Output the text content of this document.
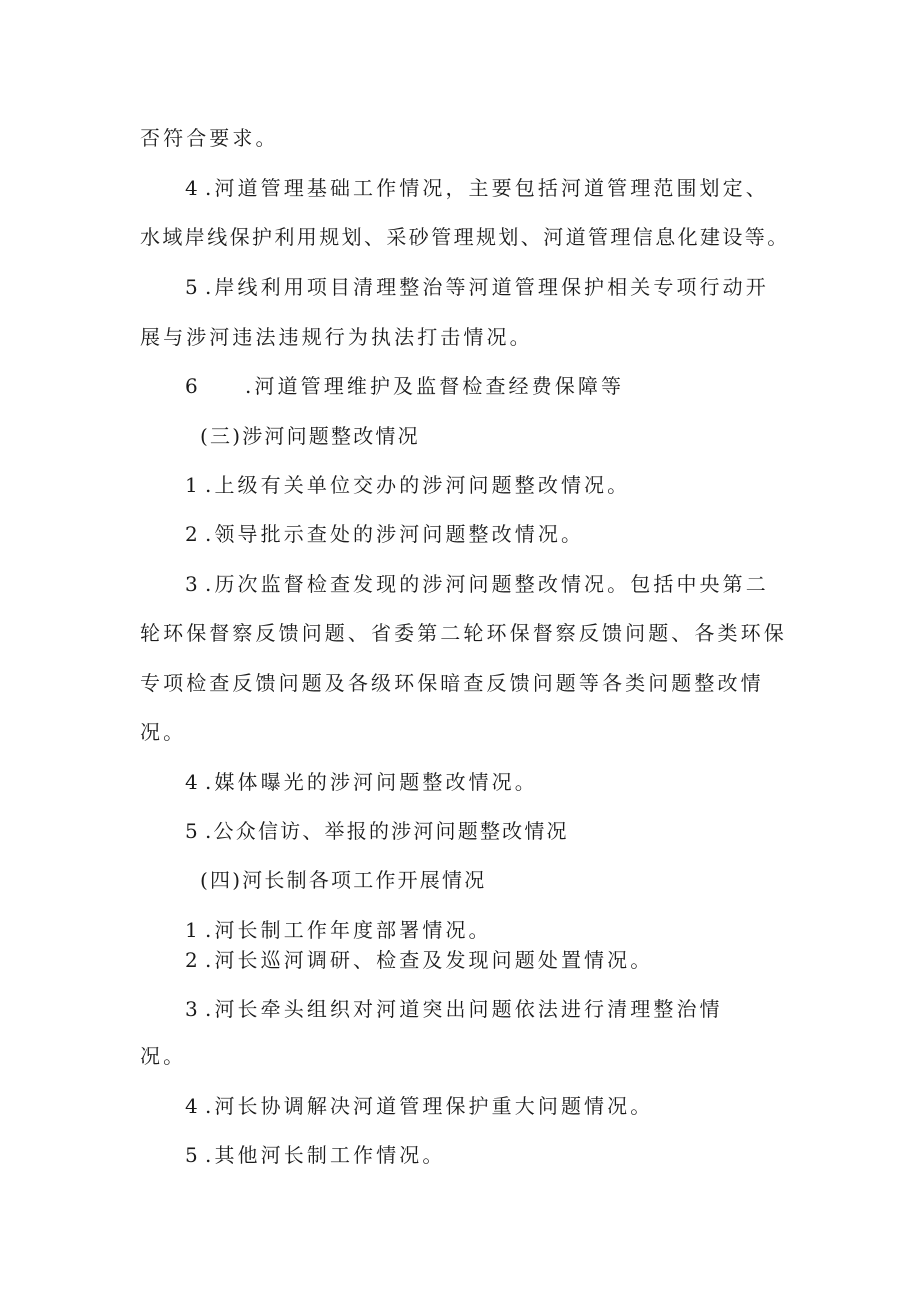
否符合要求。

4 .河道管理基础工作情况，主要包括河道管理范围划定、

水域岸线保护利用规划、采砂管理规划、河道管理信息化建设等。

5 .岸线利用项目清理整治等河道管理保护相关专项行动开

展与涉河违法违规行为执法打击情况。

6 .河道管理维护及监督检查经费保障等

(三)涉河问题整改情况

1 .上级有关单位交办的涉河问题整改情况。

2 .领导批示查处的涉河问题整改情况。

3 .历次监督检查发现的涉河问题整改情况。包括中央第二

轮环保督察反馈问题、省委第二轮环保督察反馈问题、各类环保

专项检查反馈问题及各级环保暗查反馈问题等各类问题整改情

况。

4 .媒体曝光的涉河问题整改情况。

5 .公众信访、举报的涉河问题整改情况

(四)河长制各项工作开展情况

1 .河长制工作年度部署情况。

2 .河长巡河调研、检查及发现问题处置情况。

3 .河长牵头组织对河道突出问题依法进行清理整治情

况。

4 .河长协调解决河道管理保护重大问题情况。

5 .其他河长制工作情况。
